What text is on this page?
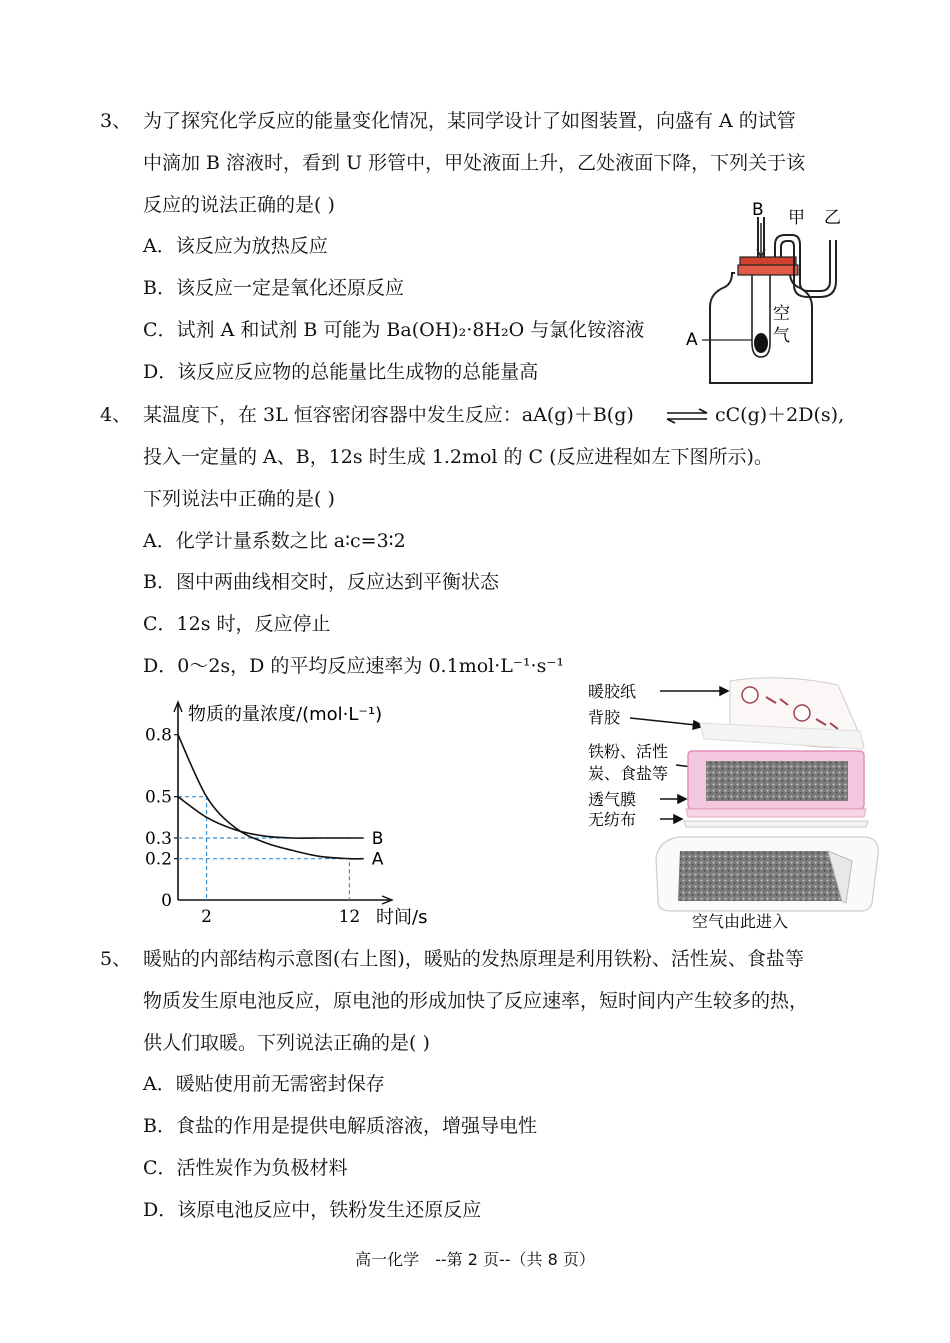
3、 为了探究化学反应的能量变化情况，某同学设计了如图装置，向盛有 A 的试管
中滴加 B 溶液时，看到 U 形管中，甲处液面上升，乙处液面下降，下列关于该
反应的说法正确的是( )
A．该反应为放热反应
B．该反应一定是氧化还原反应
C．试剂 A 和试剂 B 可能为 Ba(OH)₂·8H₂O 与氯化铵溶液
D．该反应反应物的总能量比生成物的总能量高
B 甲 乙
空
气
A
4、 某温度下，在 3L 恒容密闭容器中发生反应：aA(g)＋B(g) ⇌ cC(g)＋2D(s),
投入一定量的 A、B，12s 时生成 1.2mol 的 C (反应进程如左下图所示)。
下列说法中正确的是( )
A．化学计量系数之比 a∶c=3∶2
B．图中两曲线相交时，反应达到平衡状态
C．12s 时，反应停止
D．0～2s，D 的平均反应速率为 0.1mol·L⁻¹·s⁻¹
物质的量浓度/(mol·L⁻¹)
时间/s
0.8
0.5
0.3
0.2
0
2	12
A
B
暖胶纸
背胶
铁粉、活性
炭、食盐等
透气膜
无纺布
空气由此进入
5、 暖贴的内部结构示意图(右上图)，暖贴的发热原理是利用铁粉、活性炭、食盐等
物质发生原电池反应，原电池的形成加快了反应速率，短时间内产生较多的热，
供人们取暖。下列说法正确的是( )
A．暖贴使用前无需密封保存
B．食盐的作用是提供电解质溶液，增强导电性
C．活性炭作为负极材料
D．该原电池反应中，铁粉发生还原反应
高一化学　--第 2 页--（共 8 页）
